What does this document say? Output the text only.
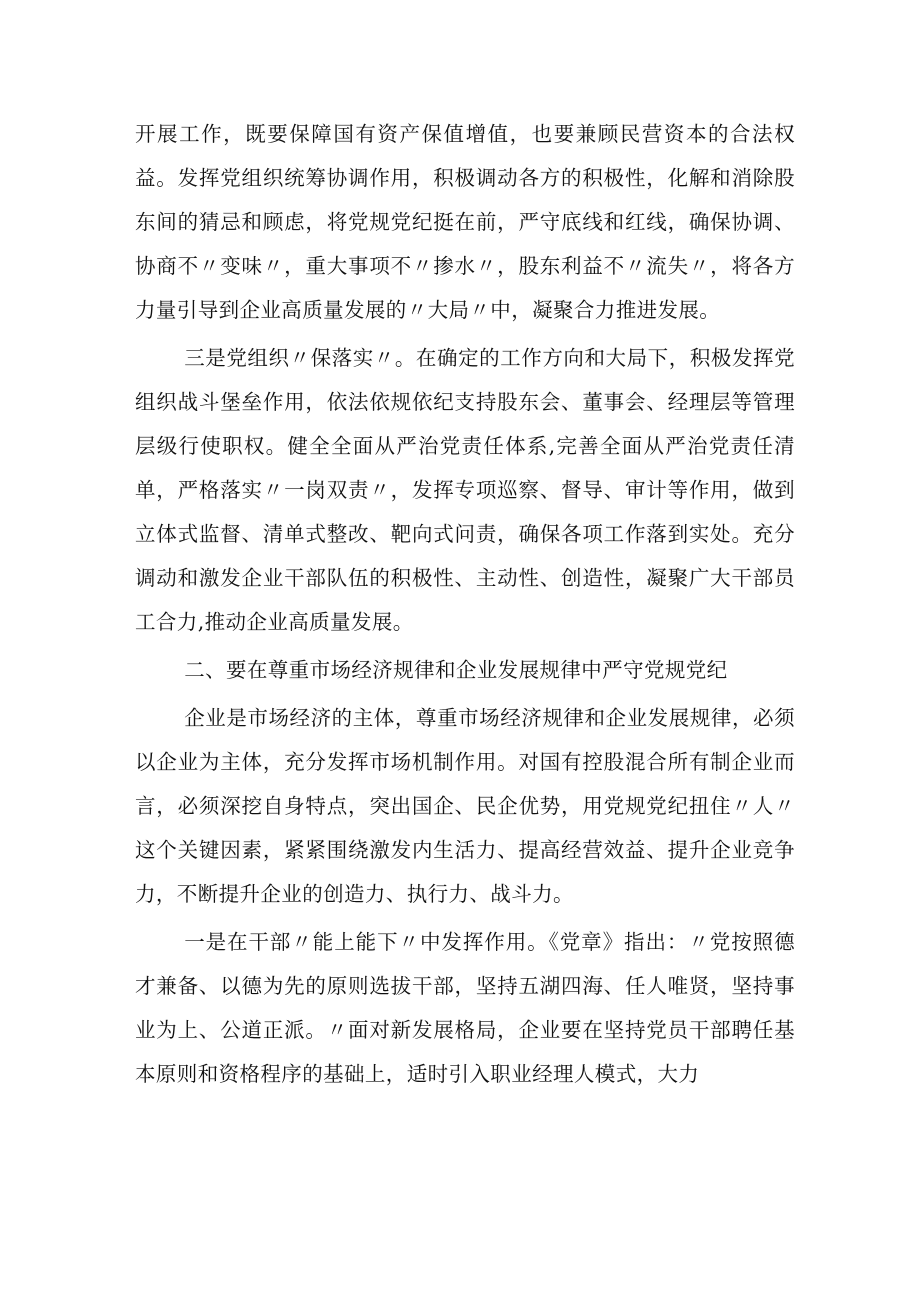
开展工作，既要保障国有资产保值增值，也要兼顾民营资本的合法权益。发挥党组织统筹协调作用，积极调动各方的积极性，化解和消除股东间的猜忌和顾虑，将党规党纪挺在前，严守底线和红线，确保协调、协商不〃变味〃，重大事项不〃掺水〃，股东利益不〃流失〃，将各方力量引导到企业高质量发展的〃大局〃中，凝聚合力推进发展。

三是党组织〃保落实〃。在确定的工作方向和大局下，积极发挥党组织战斗堡垒作用，依法依规依纪支持股东会、董事会、经理层等管理层级行使职权。健全全面从严治党责任体系,完善全面从严治党责任清单，严格落实〃一岗双责〃，发挥专项巡察、督导、审计等作用，做到立体式监督、清单式整改、靶向式问责，确保各项工作落到实处。充分调动和激发企业干部队伍的积极性、主动性、创造性，凝聚广大干部员工合力,推动企业高质量发展。

二、要在尊重市场经济规律和企业发展规律中严守党规党纪

企业是市场经济的主体，尊重市场经济规律和企业发展规律，必须以企业为主体，充分发挥市场机制作用。对国有控股混合所有制企业而言，必须深挖自身特点，突出国企、民企优势，用党规党纪扭住〃人〃这个关键因素，紧紧围绕激发内生活力、提高经营效益、提升企业竞争力，不断提升企业的创造力、执行力、战斗力。

一是在干部〃能上能下〃中发挥作用。《党章》指出：〃党按照德才兼备、以德为先的原则选拔干部，坚持五湖四海、任人唯贤，坚持事业为上、公道正派。〃面对新发展格局，企业要在坚持党员干部聘任基本原则和资格程序的基础上，适时引入职业经理人模式，大力
